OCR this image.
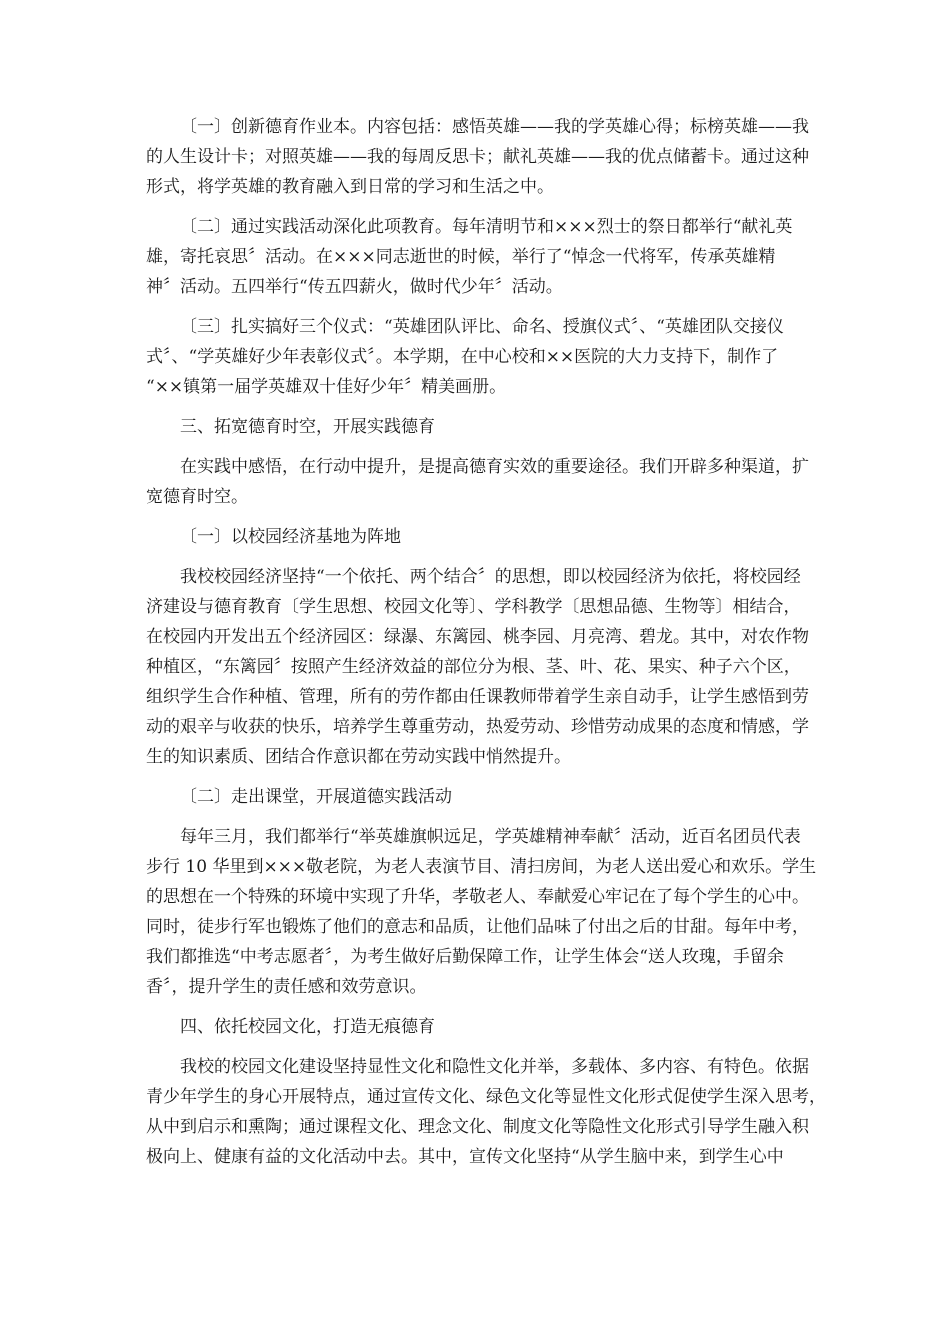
〔一〕创新德育作业本。内容包括：感悟英雄——我的学英雄心得；标榜英雄——我
的人生设计卡；对照英雄——我的每周反思卡；献礼英雄——我的优点储蓄卡。通过这种
形式，将学英雄的教育融入到日常的学习和生活之中。

〔二〕通过实践活动深化此项教育。每年清明节和×××烈士的祭日都举行“献礼英
雄，寄托哀思〞活动。在×××同志逝世的时候，举行了“悼念一代将军，传承英雄精
神〞活动。五四举行“传五四薪火，做时代少年〞活动。

〔三〕扎实搞好三个仪式：“英雄团队评比、命名、授旗仪式〞、“英雄团队交接仪
式〞、“学英雄好少年表彰仪式〞。本学期，在中心校和××医院的大力支持下，制作了
“××镇第一届学英雄双十佳好少年〞精美画册。

三、拓宽德育时空，开展实践德育

在实践中感悟，在行动中提升，是提高德育实效的重要途径。我们开辟多种渠道，扩
宽德育时空。

〔一〕以校园经济基地为阵地

我校校园经济坚持“一个依托、两个结合〞的思想，即以校园经济为依托，将校园经
济建设与德育教育〔学生思想、校园文化等〕、学科教学〔思想品德、生物等〕相结合，
在校园内开发出五个经济园区：绿瀑、东篱园、桃李园、月亮湾、碧龙。其中，对农作物
种植区，“东篱园〞按照产生经济效益的部位分为根、茎、叶、花、果实、种子六个区，
组织学生合作种植、管理，所有的劳作都由任课教师带着学生亲自动手，让学生感悟到劳
动的艰辛与收获的快乐，培养学生尊重劳动，热爱劳动、珍惜劳动成果的态度和情感，学
生的知识素质、团结合作意识都在劳动实践中悄然提升。

〔二〕走出课堂，开展道德实践活动

每年三月，我们都举行“举英雄旗帜远足，学英雄精神奉献〞活动，近百名团员代表
步行 10 华里到×××敬老院，为老人表演节目、清扫房间，为老人送出爱心和欢乐。学生
的思想在一个特殊的环境中实现了升华，孝敬老人、奉献爱心牢记在了每个学生的心中。
同时，徒步行军也锻炼了他们的意志和品质，让他们品味了付出之后的甘甜。每年中考，
我们都推选“中考志愿者〞，为考生做好后勤保障工作，让学生体会“送人玫瑰，手留余
香〞，提升学生的责任感和效劳意识。

四、依托校园文化，打造无痕德育

我校的校园文化建设坚持显性文化和隐性文化并举，多载体、多内容、有特色。依据
青少年学生的身心开展特点，通过宣传文化、绿色文化等显性文化形式促使学生深入思考，
从中到启示和熏陶；通过课程文化、理念文化、制度文化等隐性文化形式引导学生融入积
极向上、健康有益的文化活动中去。其中，宣传文化坚持“从学生脑中来，到学生心中
